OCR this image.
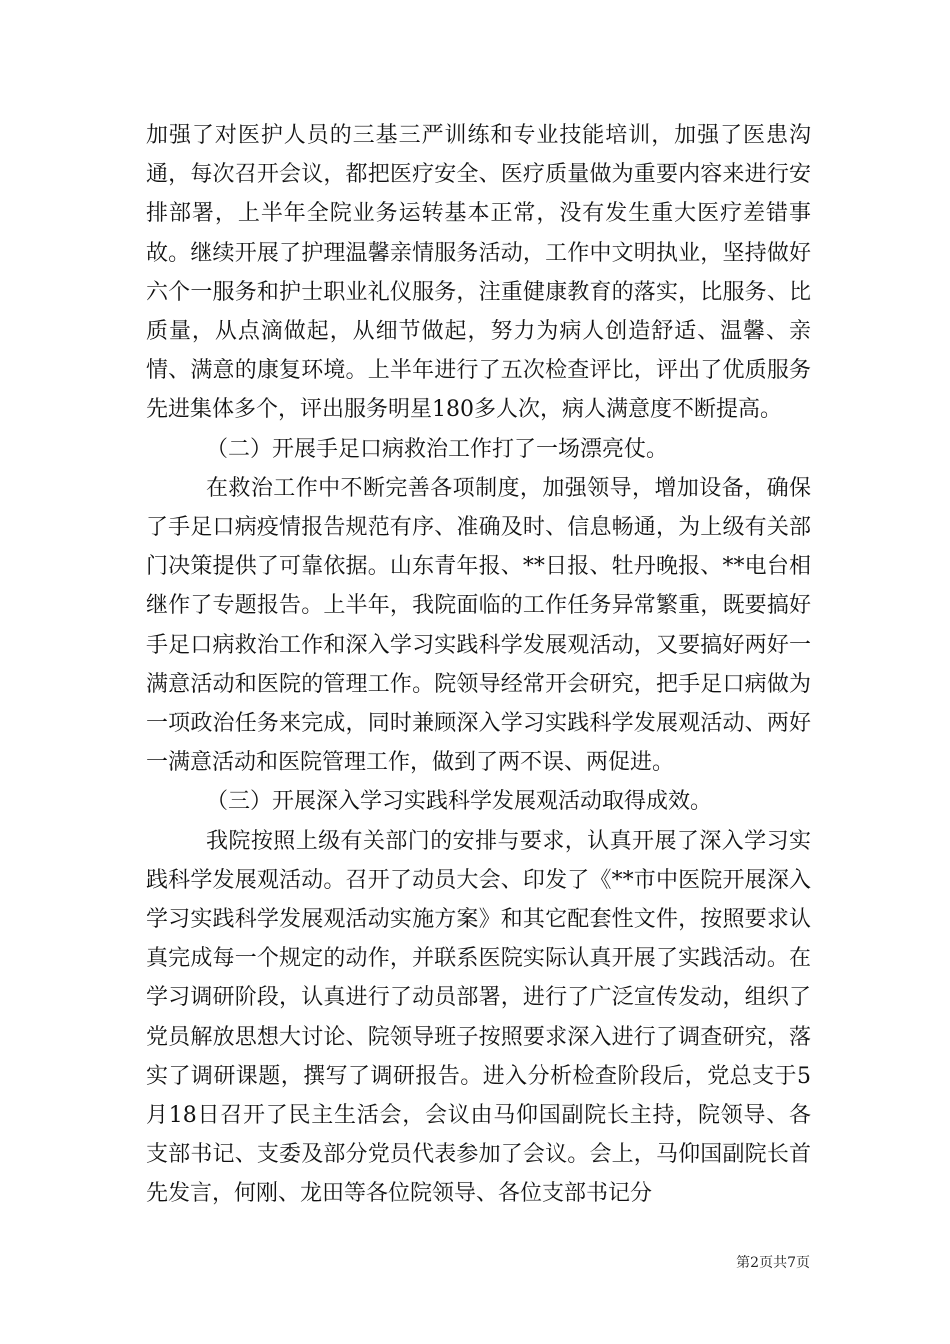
加强了对医护人员的三基三严训练和专业技能培训，加强了医患沟通，每次召开会议，都把医疗安全、医疗质量做为重要内容来进行安排部署，上半年全院业务运转基本正常，没有发生重大医疗差错事故。继续开展了护理温馨亲情服务活动，工作中文明执业，坚持做好六个一服务和护士职业礼仪服务，注重健康教育的落实，比服务、比质量，从点滴做起，从细节做起，努力为病人创造舒适、温馨、亲情、满意的康复环境。上半年进行了五次检查评比，评出了优质服务先进集体多个，评出服务明星180多人次，病人满意度不断提高。

（二）开展手足口病救治工作打了一场漂亮仗。

在救治工作中不断完善各项制度，加强领导，增加设备，确保了手足口病疫情报告规范有序、准确及时、信息畅通，为上级有关部门决策提供了可靠依据。山东青年报、**日报、牡丹晚报、**电台相继作了专题报告。上半年，我院面临的工作任务异常繁重，既要搞好手足口病救治工作和深入学习实践科学发展观活动，又要搞好两好一满意活动和医院的管理工作。院领导经常开会研究，把手足口病做为一项政治任务来完成，同时兼顾深入学习实践科学发展观活动、两好一满意活动和医院管理工作，做到了两不误、两促进。

（三）开展深入学习实践科学发展观活动取得成效。

我院按照上级有关部门的安排与要求，认真开展了深入学习实践科学发展观活动。召开了动员大会、印发了《**市中医院开展深入学习实践科学发展观活动实施方案》和其它配套性文件，按照要求认真完成每一个规定的动作，并联系医院实际认真开展了实践活动。在学习调研阶段，认真进行了动员部署，进行了广泛宣传发动，组织了党员解放思想大讨论、院领导班子按照要求深入进行了调查研究，落实了调研课题，撰写了调研报告。进入分析检查阶段后，党总支于5月18日召开了民主生活会，会议由马仰国副院长主持，院领导、各支部书记、支委及部分党员代表参加了会议。会上，马仰国副院长首先发言，何刚、龙田等各位院领导、各位支部书记分

第2页共7页
